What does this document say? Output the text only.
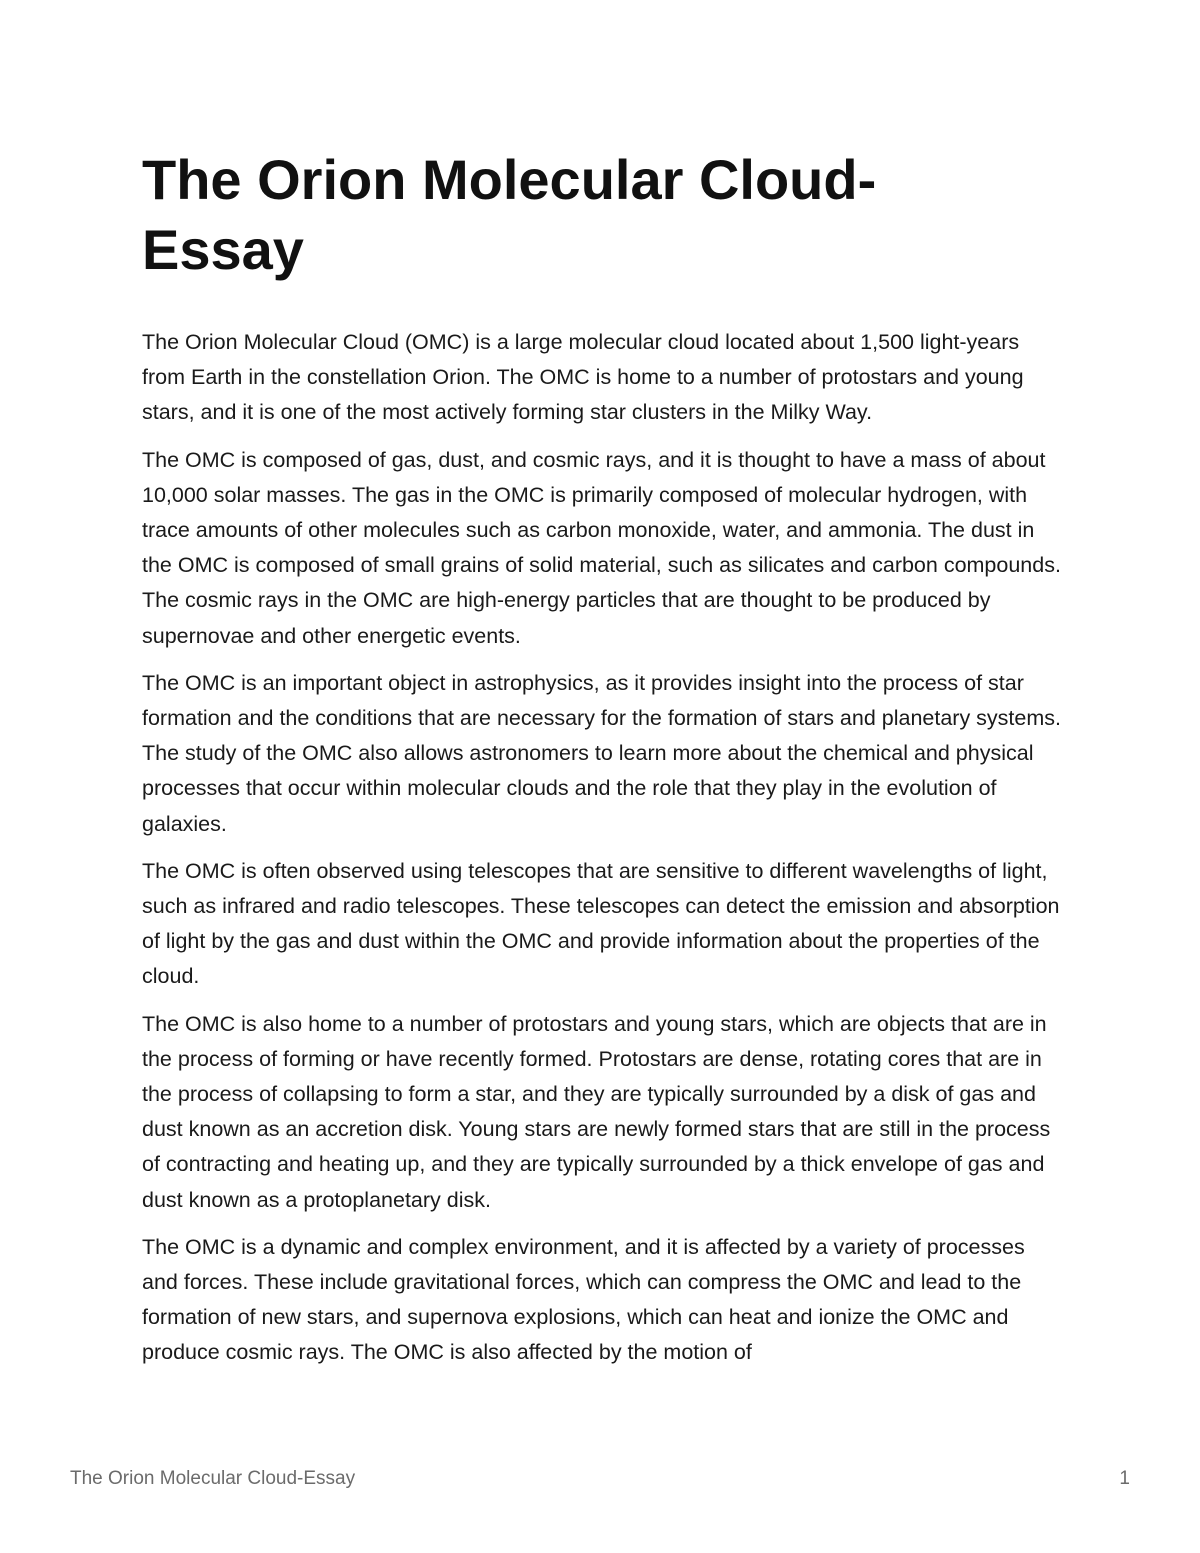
The Orion Molecular Cloud-
Essay

The Orion Molecular Cloud (OMC) is a large molecular cloud located about 1,500 light-years from Earth in the constellation Orion. The OMC is home to a number of protostars and young stars, and it is one of the most actively forming star clusters in the Milky Way.

The OMC is composed of gas, dust, and cosmic rays, and it is thought to have a mass of about 10,000 solar masses. The gas in the OMC is primarily composed of molecular hydrogen, with trace amounts of other molecules such as carbon monoxide, water, and ammonia. The dust in the OMC is composed of small grains of solid material, such as silicates and carbon compounds. The cosmic rays in the OMC are high-energy particles that are thought to be produced by supernovae and other energetic events.

The OMC is an important object in astrophysics, as it provides insight into the process of star formation and the conditions that are necessary for the formation of stars and planetary systems. The study of the OMC also allows astronomers to learn more about the chemical and physical processes that occur within molecular clouds and the role that they play in the evolution of galaxies.

The OMC is often observed using telescopes that are sensitive to different wavelengths of light, such as infrared and radio telescopes. These telescopes can detect the emission and absorption of light by the gas and dust within the OMC and provide information about the properties of the cloud.

The OMC is also home to a number of protostars and young stars, which are objects that are in the process of forming or have recently formed. Protostars are dense, rotating cores that are in the process of collapsing to form a star, and they are typically surrounded by a disk of gas and dust known as an accretion disk. Young stars are newly formed stars that are still in the process of contracting and heating up, and they are typically surrounded by a thick envelope of gas and dust known as a protoplanetary disk.

The OMC is a dynamic and complex environment, and it is affected by a variety of processes and forces. These include gravitational forces, which can compress the OMC and lead to the formation of new stars, and supernova explosions, which can heat and ionize the OMC and produce cosmic rays. The OMC is also affected by the motion of

The Orion Molecular Cloud-Essay	1
